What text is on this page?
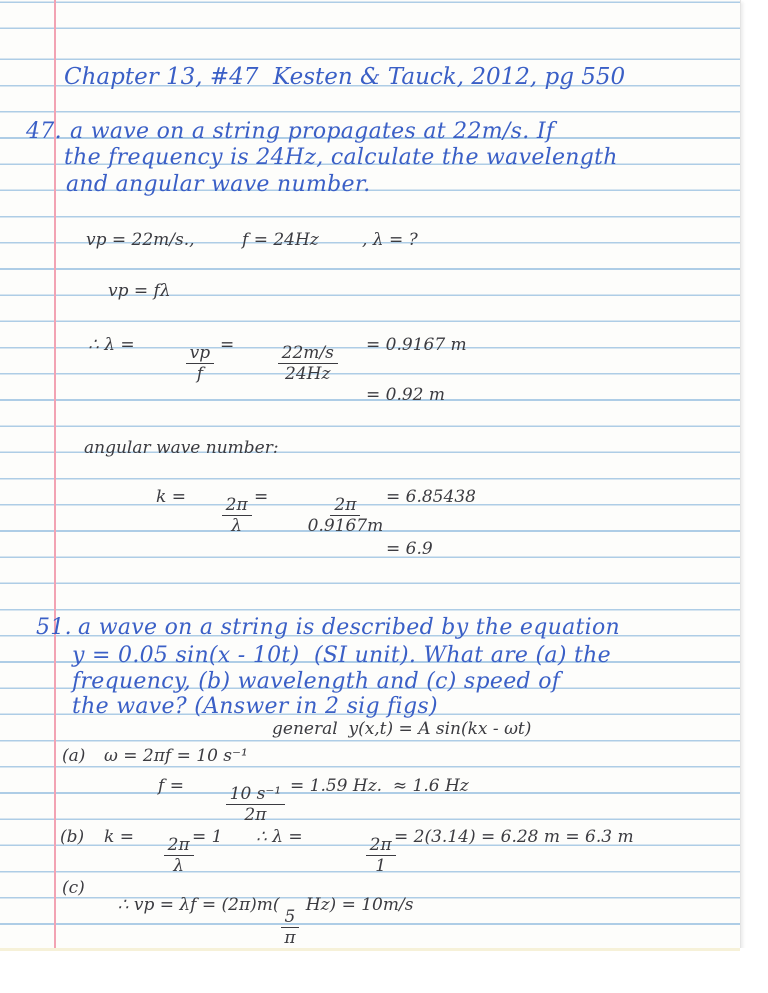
Chapter 13, #47  Kesten & Tauck, 2012, pg 550
47. a wave on a string propagates at 22m/s. If
the frequency is 24Hz, calculate the wavelength
and angular wave number.
vp = 22m/s.,	f = 24Hz	, λ = ?
vp = fλ
∴ λ =

	$\frac{vp}{f}$

=

	$\frac{22m/s}{24Hz}$

= 0.9167 m
= 0.92 m
angular wave number:
k =

$\frac{2\pi}{\lambda}$

=

$\frac{2\pi}{0.9167m}$

= 6.85438
= 6.9
51. a wave on a string is described by the equation
y = 0.05 sin(x - 10t)  (SI unit). What are (a) the
frequency, (b) wavelength and (c) speed of
the wave? (Answer in 2 sig figs)
general  y(x,t) = A sin(kx - ωt)
(a) ω = 2πf = 10 s⁻¹
f =

$\frac{\text{10 s⁻¹}}{2\pi}$

= 1.59 Hz.  ≈ 1.6 Hz
(b) k =

$\frac{2\pi}{\lambda}$

= 1 ∴ λ =

	$\frac{2\pi}{1}$

= 2(3.14) = 6.28 m = 6.3 m
(c)

∴ vp = λf = (2π)m(
$\frac{5}{\pi}$
Hz) = 10m/s
